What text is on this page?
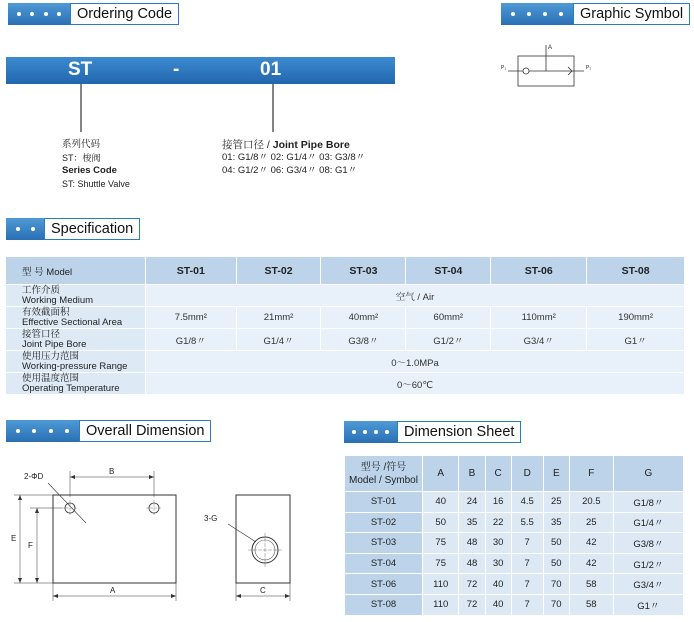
Ordering Code	Graphic Symbol
Specification
Overall Dimension	Dimension Sheet
ST	-	01
系列代码
ST：梭阀
Series Code
ST: Shuttle Valve
接管口径 / Joint Pipe Bore
01: G1/8〃 02: G1/4〃 03: G3/8〃
04: G1/2〃 06: G3/4〃 08: G1〃
A
P₁	P₂
型 号 Model	ST-01	ST-02	ST-03	ST-04	ST-06	ST-08

工作介质
Working Medium	空气 / Air					

有效截面积
Effective Sectional Area	7.5mm²	21mm²	40mm²	60mm²	110mm²	190mm²

接管口径
Joint Pipe Bore	G1/8〃	G1/4〃	G3/8〃	G1/2〃	G3/4〃	G1〃

使用压力范围
Working-pressure Range	0～1.0MPa					

使用温度范围
Operating Temperature	0～60℃					
2-ΦD
B
A
E
F
3-G
C
型号 /符号
Model / Symbol	A	B	C	D	E	F	G
ST-01	40	24	16	4.5	25	20.5	G1/8〃
ST-02	50	35	22	5.5	35	25	G1/4〃
ST-03	75	48	30	7	50	42	G3/8〃
ST-04	75	48	30	7	50	42	G1/2〃
ST-06	110	72	40	7	70	58	G3/4〃
ST-08	110	72	40	7	70	58	G1〃
